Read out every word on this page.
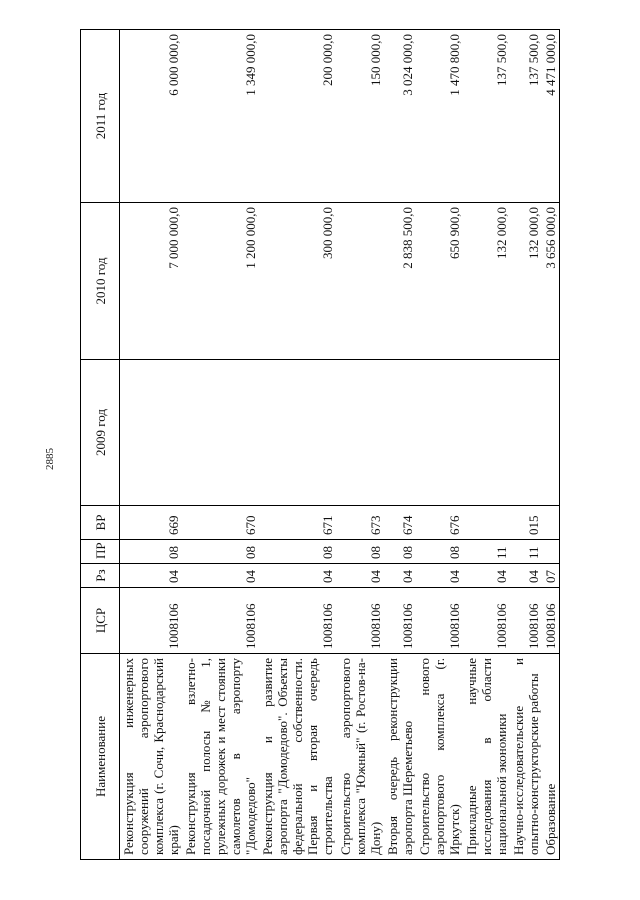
2885
Наименование	ЦСР	Рз	ПР	ВР	2009 год	2010 год	2011 год
Реконструкция инженерных сооружений аэропортового комплекса (г. Сочи, Краснодарский край)	1008106	04	08	669		7 000 000,0	6 000 000,0
Реконструкция взлетно-посадочной полосы № 1, рулежных дорожек и мест стоянки самолетов в аэропорту "Домодедово"	1008106	04	08	670		1 200 000,0	1 349 000,0
Реконструкция и развитие аэропорта "Домодедово". Объекты федеральной собственности. Первая и вторая очередь строительства	1008106	04	08	671		300 000,0	200 000,0
Строительство аэропортового комплекса "Южный" (г. Ростов-на-Дону)	1008106	04	08	673			150 000,0
Вторая очередь реконструкции аэропорта Шереметьево	1008106	04	08	674		2 838 500,0	3 024 000,0
Строительство нового аэропортового комплекса (г. Иркутск)	1008106	04	08	676		650 900,0	1 470 800,0
Прикладные научные исследования в области национальной экономики	1008106	04	11			132 000,0	137 500,0
Научно-исследовательские и опытно-конструкторские работы	1008106	04	11	015		132 000,0	137 500,0
Образование	1008106	07				3 656 000,0	4 471 000,0
